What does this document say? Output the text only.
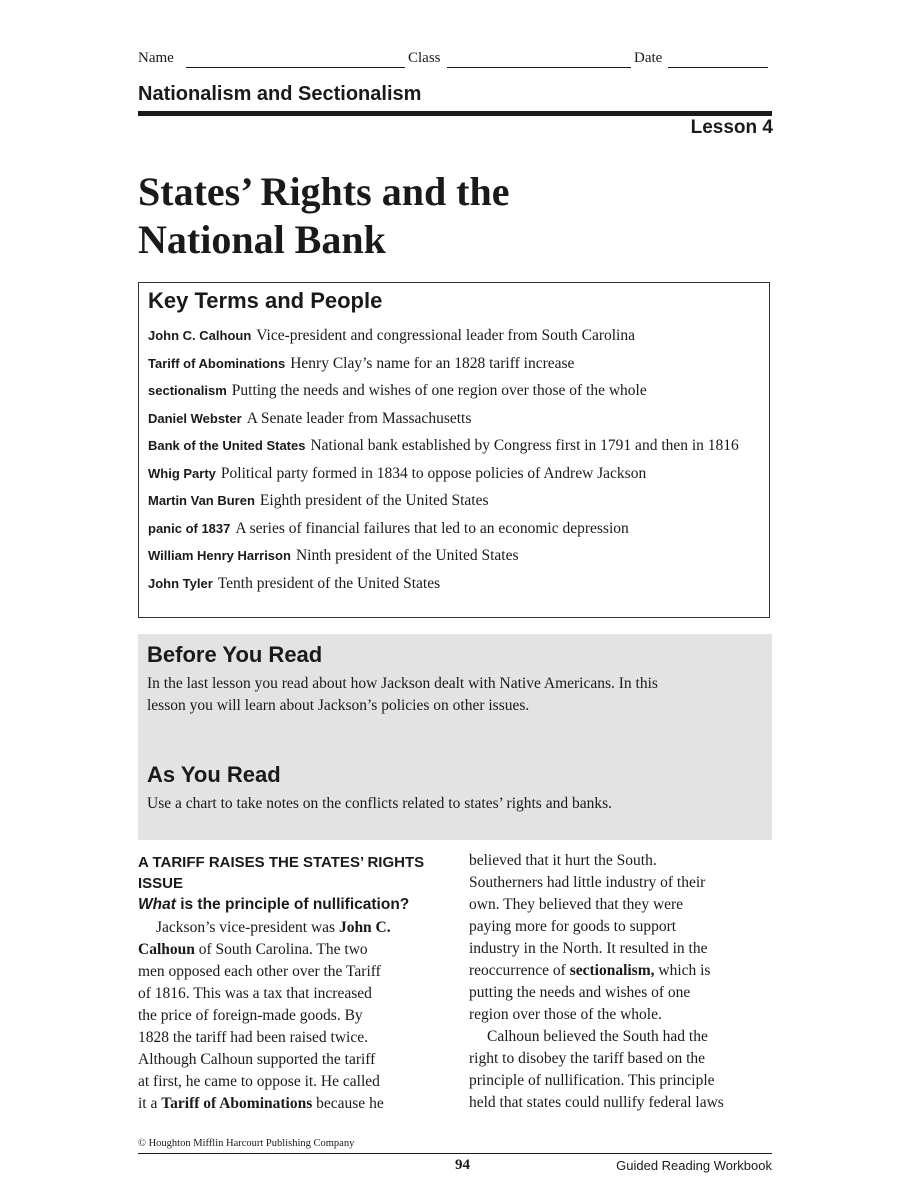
Name	Class	Date
Nationalism and Sectionalism
Lesson 4
States’ Rights and the
National Bank
Key Terms and People
John C. Calhoun Vice-president and congressional leader from South Carolina
Tariff of Abominations Henry Clay’s name for an 1828 tariff increase
sectionalism Putting the needs and wishes of one region over those of the whole
Daniel Webster A Senate leader from Massachusetts
Bank of the United States National bank established by Congress first in 1791 and then in 1816
Whig Party Political party formed in 1834 to oppose policies of Andrew Jackson
Martin Van Buren Eighth president of the United States
panic of 1837 A series of financial failures that led to an economic depression
William Henry Harrison Ninth president of the United States
John Tyler Tenth president of the United States
Before You Read

In the last lesson you read about how Jackson dealt with Native Americans. In this lesson you will learn about Jackson’s policies on other issues.

As You Read

Use a chart to take notes on the conflicts related to states’ rights and banks.

A TARIFF RAISES THE STATES’ RIGHTS ISSUE

What is the principle of nullification?

Jackson’s vice-president was John C.
Calhoun of South Carolina. The two
men opposed each other over the Tariff
of 1816. This was a tax that increased
the price of foreign-made goods. By
1828 the tariff had been raised twice.
Although Calhoun supported the tariff
at first, he came to oppose it. He called
it a Tariff of Abominations because he
believed that it hurt the South.
Southerners had little industry of their
own. They believed that they were
paying more for goods to support
industry in the North. It resulted in the
reoccurrence of sectionalism, which is
putting the needs and wishes of one
region over those of the whole.
Calhoun believed the South had the
right to disobey the tariff based on the
principle of nullification. This principle
held that states could nullify federal laws
© Houghton Mifflin Harcourt Publishing Company
94	Guided Reading Workbook
